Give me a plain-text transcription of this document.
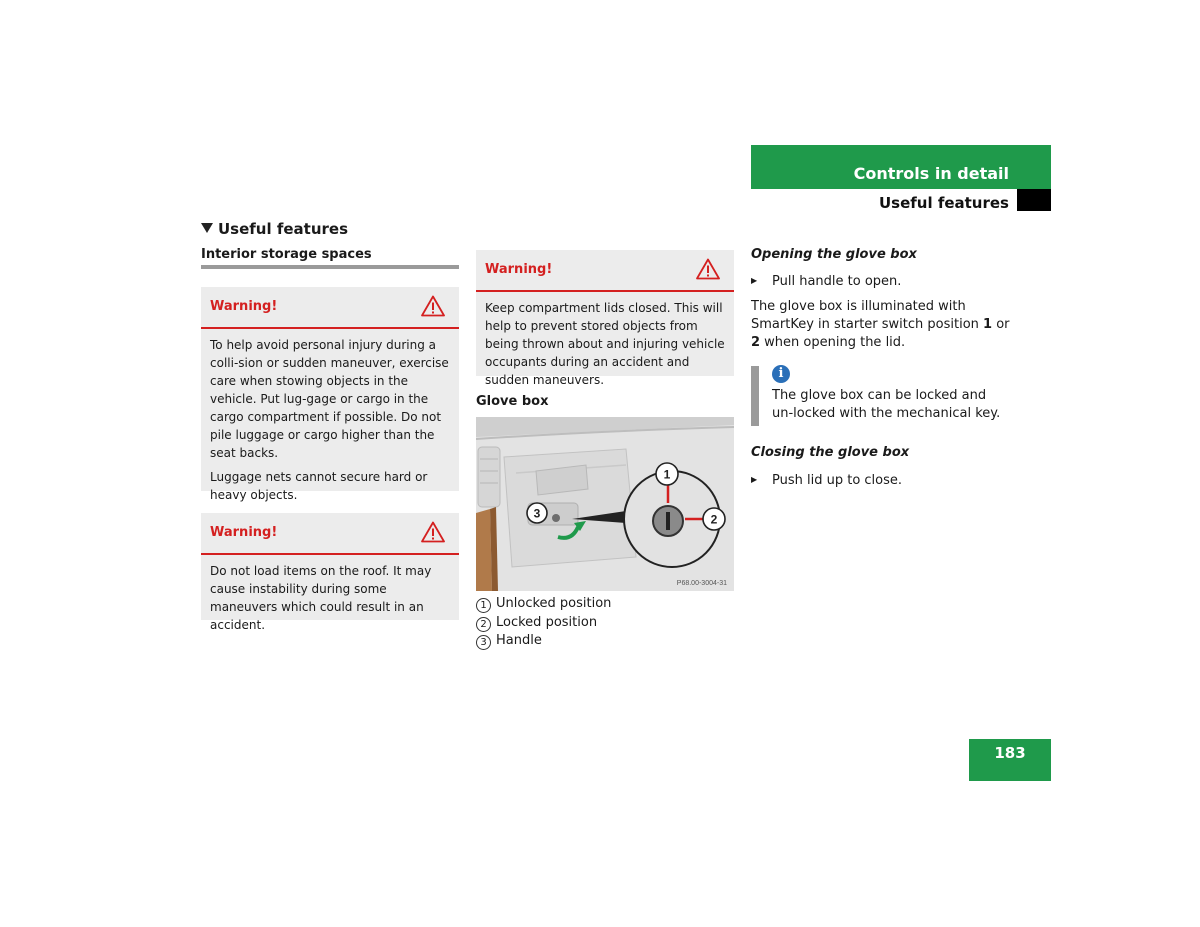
Controls in detail
Useful features
Useful features
Interior storage spaces
Warning!

To help avoid personal injury during a colli-sion or sudden maneuver, exercise care when stowing objects in the vehicle. Put lug-gage or cargo in the cargo compartment if possible. Do not pile luggage or cargo higher than the seat backs.

Luggage nets cannot secure hard or heavy objects.

Warning!
Do not load items on the roof. It may cause instability during some maneuvers which could result in an accident.
Warning!
Keep compartment lids closed. This will help to prevent stored objects from being thrown about and injuring vehicle occupants during an accident and sudden maneuvers.
Glove box
3
1
2
P68.00-3004-31
1 Unlocked position
2 Locked position
3 Handle
Opening the glove box
▶ Pull handle to open.
The glove box is illuminated with SmartKey in starter switch position 1 or 2 when opening the lid.
i
The glove box can be locked and un-locked with the mechanical key.
Closing the glove box
▶ Push lid up to close.
183
